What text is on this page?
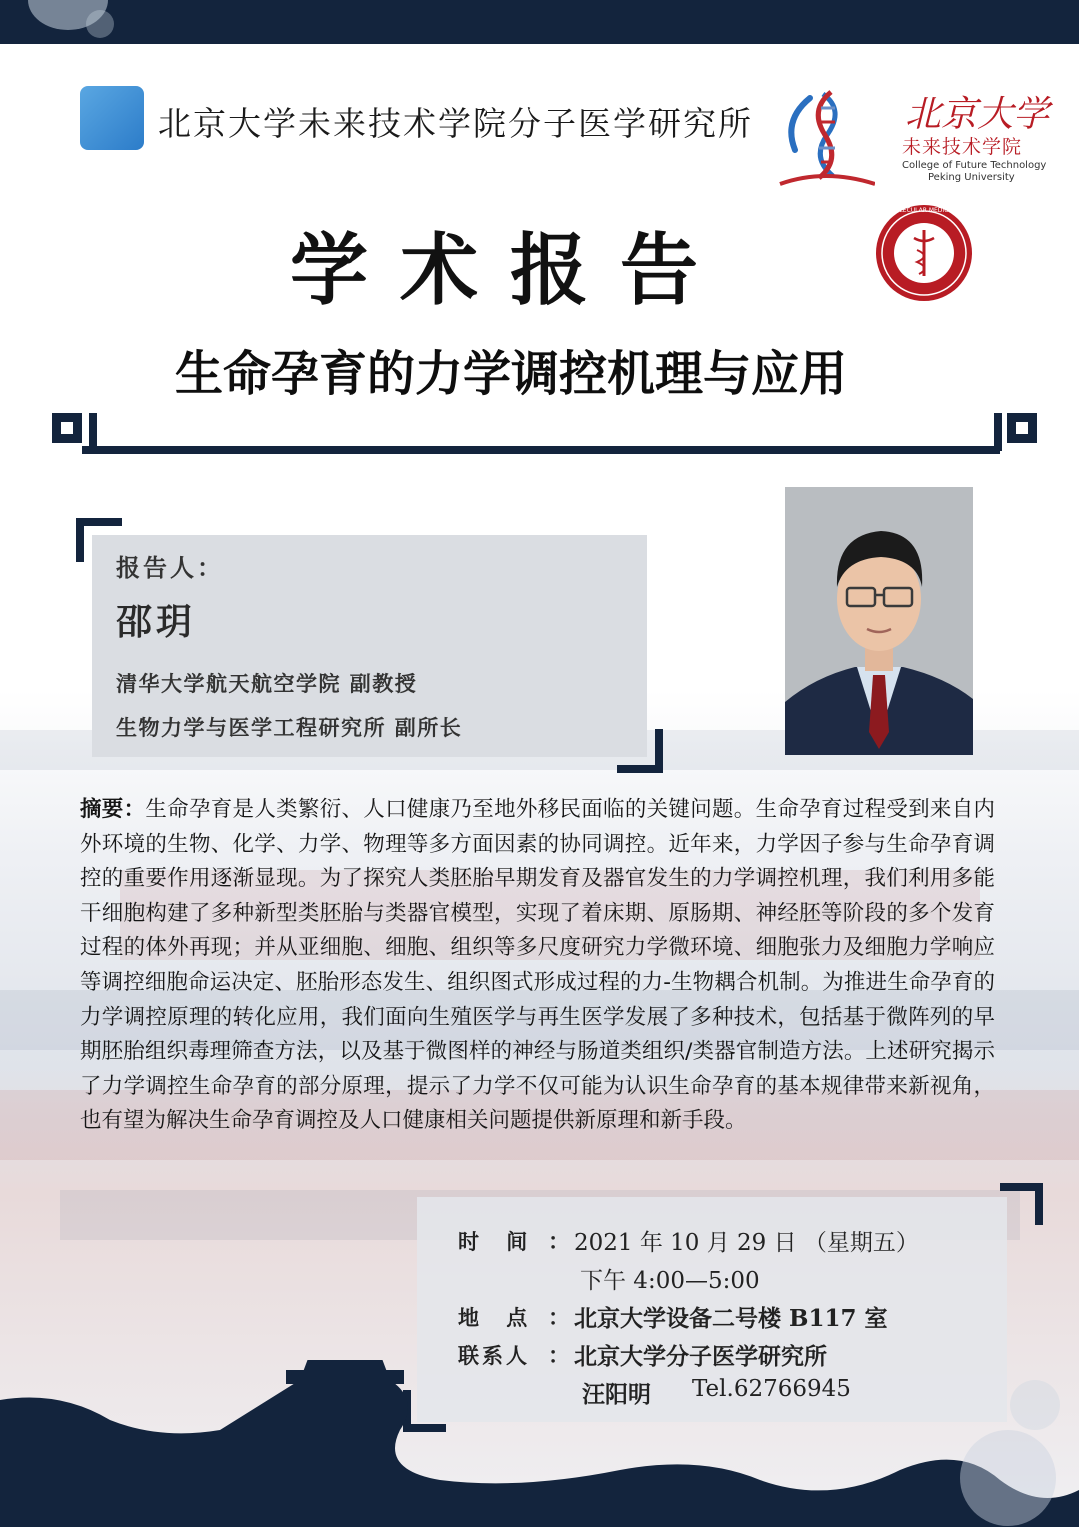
北京大学未来技术学院分子医学研究所	北京大学
未来技术学院
College of Future Technology
Peking University
MOLECULAR MEDICINE
学术报告
生命孕育的力学调控机理与应用
报告人：
邵玥
清华大学航天航空学院 副教授
生物力学与医学工程研究所 副所长
摘要：生命孕育是人类繁衍、人口健康乃至地外移民面临的关键问题。生命孕育过程受到来自内外环境的生物、化学、力学、物理等多方面因素的协同调控。近年来，力学因子参与生命孕育调控的重要作用逐渐显现。为了探究人类胚胎早期发育及器官发生的力学调控机理，我们利用多能干细胞构建了多种新型类胚胎与类器官模型，实现了着床期、原肠期、神经胚等阶段的多个发育过程的体外再现；并从亚细胞、细胞、组织等多尺度研究力学微环境、细胞张力及细胞力学响应等调控细胞命运决定、胚胎形态发生、组织图式形成过程的力-生物耦合机制。为推进生命孕育的力学调控原理的转化应用，我们面向生殖医学与再生医学发展了多种技术，包括基于微阵列的早期胚胎组织毒理筛查方法，以及基于微图样的神经与肠道类组织/类器官制造方法。上述研究揭示了力学调控生命孕育的部分原理，提示了力学不仅可能为认识生命孕育的基本规律带来新视角，也有望为解决生命孕育调控及人口健康相关问题提供新原理和新手段。
时 间 ： 2021 年 10 月 29 日 （星期五）
下午 4:00—5:00
地 点 ： 北京大学设备二号楼 B117 室
联系人 ： 北京大学分子医学研究所
汪阳明 Tel.62766945
